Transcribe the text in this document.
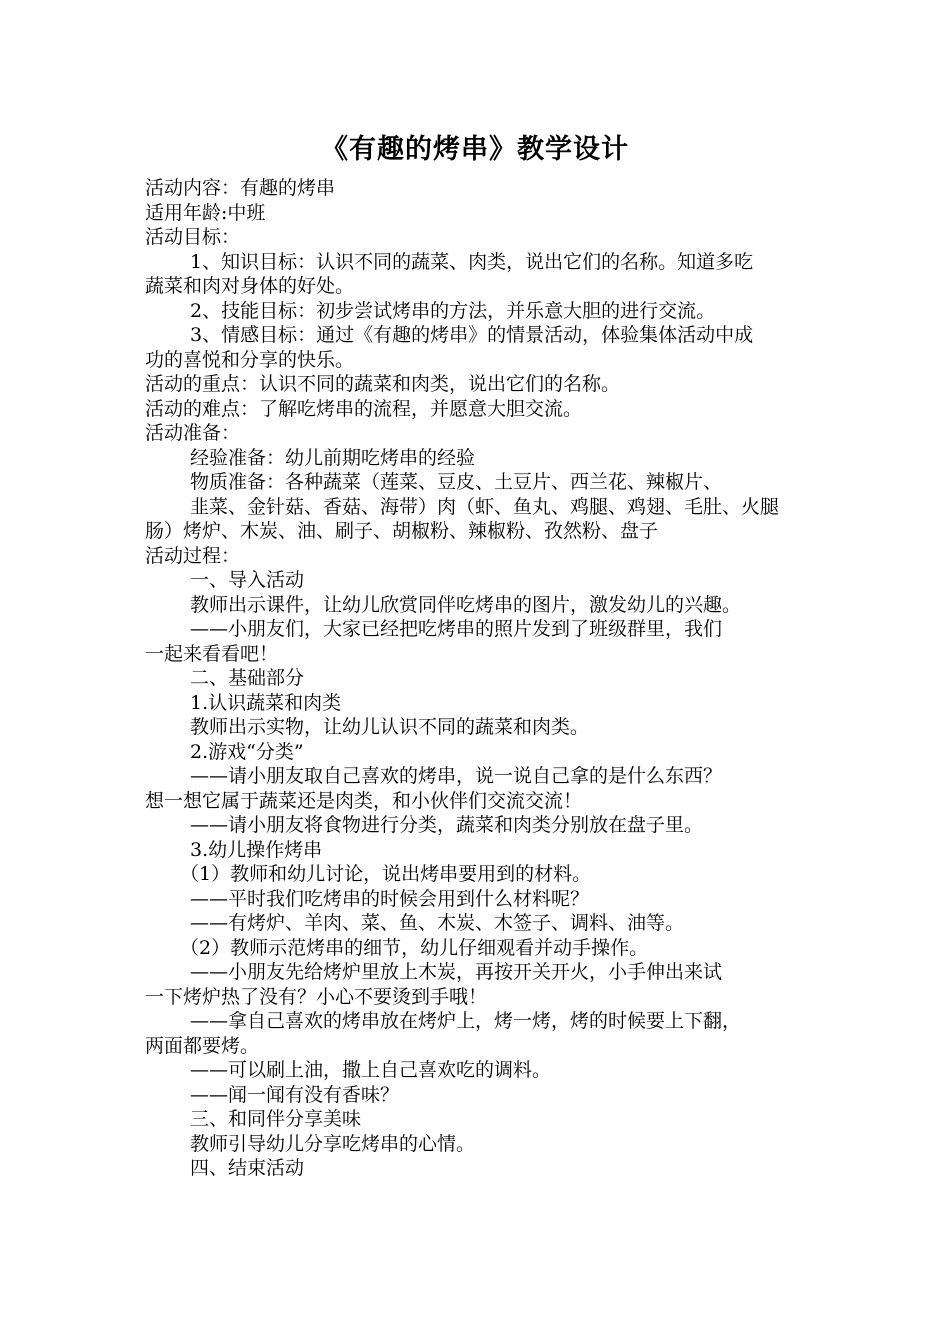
《有趣的烤串》教学设计
活动内容：有趣的烤串
适用年龄:中班
活动目标：
1、知识目标：认识不同的蔬菜、肉类，说出它们的名称。知道多吃
蔬菜和肉对身体的好处。
2、技能目标：初步尝试烤串的方法，并乐意大胆的进行交流。
3、情感目标：通过《有趣的烤串》的情景活动，体验集体活动中成
功的喜悦和分享的快乐。
活动的重点：认识不同的蔬菜和肉类，说出它们的名称。
活动的难点：了解吃烤串的流程，并愿意大胆交流。
活动准备：
经验准备：幼儿前期吃烤串的经验
物质准备：各种蔬菜（莲菜、豆皮、土豆片、西兰花、辣椒片、
韭菜、金针菇、香菇、海带）肉（虾、鱼丸、鸡腿、鸡翅、毛肚、火腿
肠）烤炉、木炭、油、刷子、胡椒粉、辣椒粉、孜然粉、盘子
活动过程：
一、导入活动
教师出示课件，让幼儿欣赏同伴吃烤串的图片，激发幼儿的兴趣。
——小朋友们，大家已经把吃烤串的照片发到了班级群里，我们
一起来看看吧！
二、基础部分
1.认识蔬菜和肉类
教师出示实物，让幼儿认识不同的蔬菜和肉类。
2.游戏“分类”
——请小朋友取自己喜欢的烤串，说一说自己拿的是什么东西？
想一想它属于蔬菜还是肉类，和小伙伴们交流交流！
——请小朋友将食物进行分类，蔬菜和肉类分别放在盘子里。
3.幼儿操作烤串
（1）教师和幼儿讨论，说出烤串要用到的材料。
——平时我们吃烤串的时候会用到什么材料呢？
——有烤炉、羊肉、菜、鱼、木炭、木签子、调料、油等。
（2）教师示范烤串的细节，幼儿仔细观看并动手操作。
——小朋友先给烤炉里放上木炭，再按开关开火，小手伸出来试
一下烤炉热了没有？小心不要烫到手哦！
——拿自己喜欢的烤串放在烤炉上，烤一烤，烤的时候要上下翻，
两面都要烤。
——可以刷上油，撒上自己喜欢吃的调料。
——闻一闻有没有香味？
三、和同伴分享美味
教师引导幼儿分享吃烤串的心情。
四、结束活动
